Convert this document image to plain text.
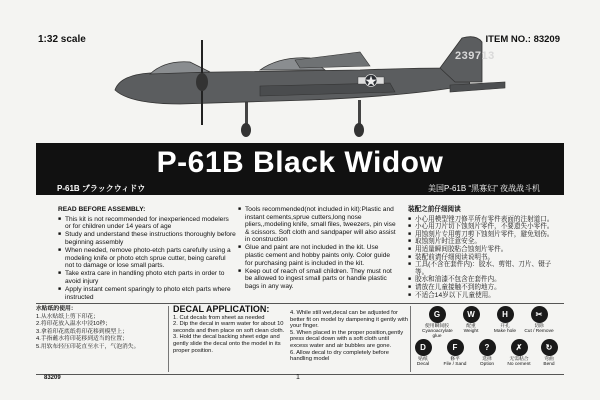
1:32 scale	ITEM NO.: 83209
239713
P-61B Black Widow
P-61B ブラックウィドウ	美国P-61B “黑寡妇” 夜战战斗机
READ BEFORE ASSEMBLY:
■ This kit is not recommended for inexperienced modelers or for children under 14 years of age
■ Study and understand these instructions thoroughly before beginning assembly
■ When needed, remove photo-etch parts carefully using a modeling knife or photo etch sprue cutter, being careful not to damage or lose small parts.
■ Take extra care in handling photo etch parts in order to avoid injury
■ Apply instant cement sparingly to photo etch parts where instructed
■ Tools recommended(not included in kit):Plastic and instant cements,sprue cutters,long nose pliers,,modeling knife, small files, tweezers, pin vise & scissors. Soft cloth and sandpaper will also assist in construction
■ Glue and paint are not included in the kit. Use plastic cement and hobby paints only. Color guide for purchasing paint is included in the kit.
■ Keep out of reach of small children. They must not be allowed to ingest small parts or handle plastic bags in any way.
装配之前仔细阅读
■ 小心用模型锉刀修平所有零件表面的注射道口。
■ 小心用刀片切下蚀刻片零件，不要遗失小零件。
■ 用蚀刻片专用剪刀剪下蚀刻片零件，避免划伤。
■ 取蚀刻片时注意安全。
■ 用适量瞬间胶粘合蚀刻片零件。
■ 装配前请仔细阅读说明书。
■ 工具(不含在套件内)：胶水、剪钳、刀片、镊子等。
■ 胶水和油漆不包含在套件内。
■ 请放在儿童接触不到的地方。
■ 不适合14岁以下儿童使用。
水贴纸的使用：
1.从水贴纸上剪下印花；
2.将印花放入温水中浸10秒；
3.拿着印花底纸将印花移到模型上；
4.手指蘸水将印花移到适当的位置；
5.用软布轻压印花直至水干，气泡消失。
DECAL APPLICATION:
1. Cut decals from sheet as needed
2. Dip the decal in warm water for about 10 seconds and then place on soft clean cloth.
3. Hold the decal backing sheet edge and gently slide the decal onto the model in its proper position.
4. While still wet,decal can be adjusted for better fit on model by dampening it gently with your finger.
5. When placed in the proper position,gently press decal down with a soft cloth until excess water and air bubbles are gone.
6. Allow decal to dry completely before handling model
G
使用瞬间胶
Cyanoacrylate glue
W
配重
Weight
H
开孔
Make hole
✂
切除
Cut / Remove
D
贴纸
Decal
F
修平
File / Sand
?
选择
Option
✗
无需粘合
No cement
↻
弯曲
Bend
83209	1
